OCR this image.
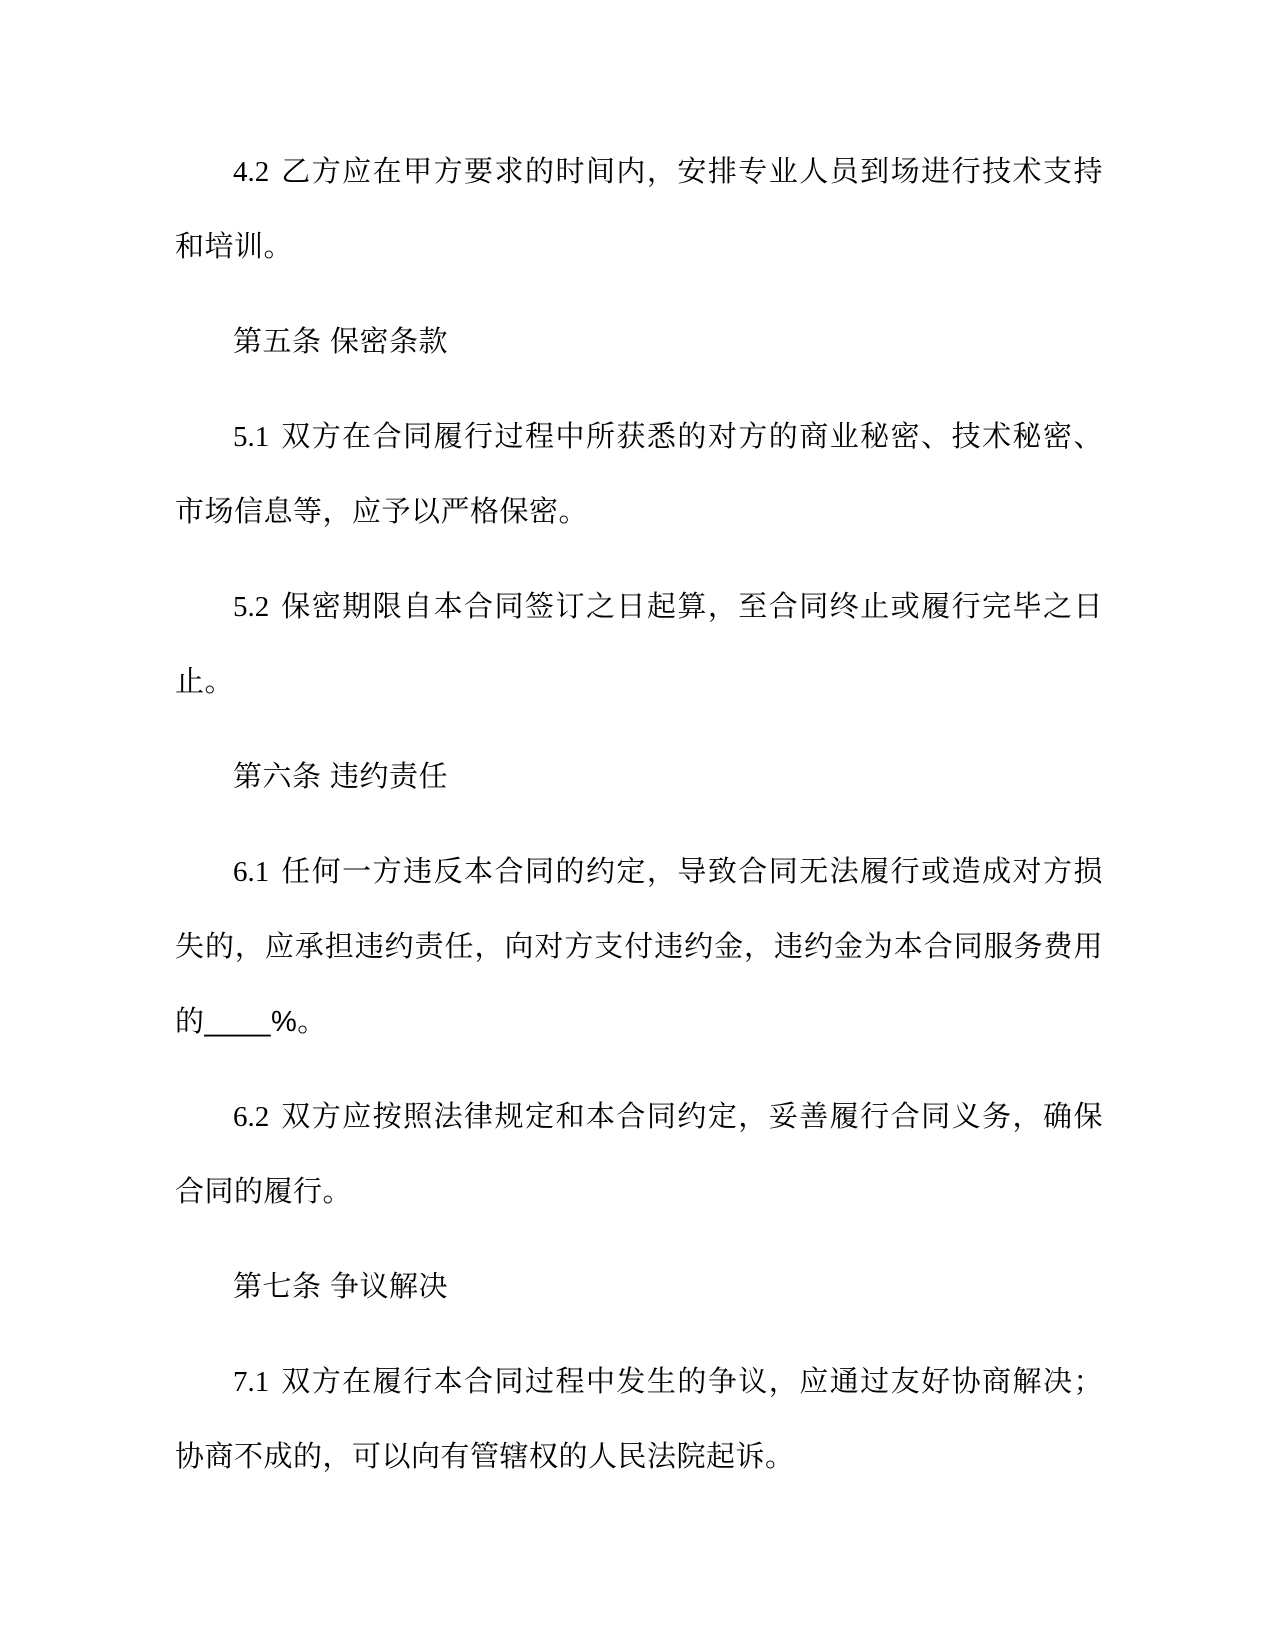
4.2 乙方应在甲方要求的时间内，安排专业人员到场进行技术支持和培训。

第五条 保密条款

5.1 双方在合同履行过程中所获悉的对方的商业秘密、技术秘密、市场信息等，应予以严格保密。

5.2 保密期限自本合同签订之日起算，至合同终止或履行完毕之日止。

第六条 违约责任

6.1 任何一方违反本合同的约定，导致合同无法履行或造成对方损失的，应承担违约责任，向对方支付违约金，违约金为本合同服务费用的____%。

6.2 双方应按照法律规定和本合同约定，妥善履行合同义务，确保合同的履行。

第七条 争议解决

7.1 双方在履行本合同过程中发生的争议，应通过友好协商解决；协商不成的，可以向有管辖权的人民法院起诉。
